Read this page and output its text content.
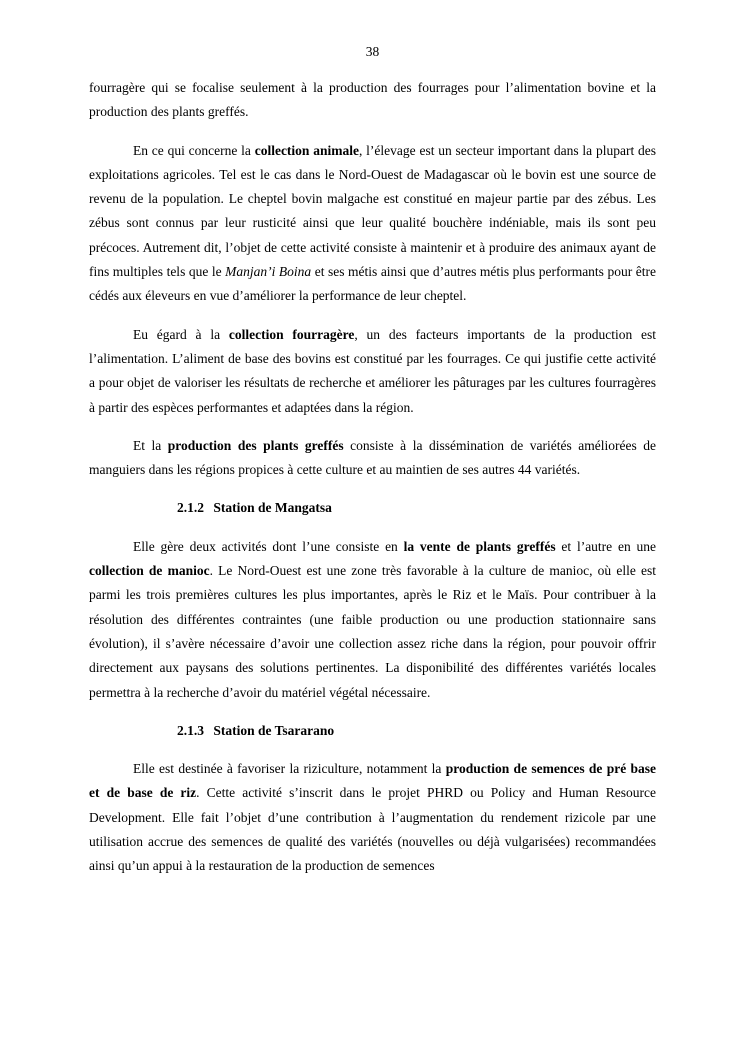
38

fourragère qui se focalise seulement à la production des fourrages pour l’alimentation bovine et la production des plants greffés.

En ce qui concerne la collection animale, l’élevage est un secteur important dans la plupart des exploitations agricoles. Tel est le cas dans le Nord-Ouest de Madagascar où le bovin est une source de revenu de la population. Le cheptel bovin malgache est constitué en majeur partie par des zébus. Les zébus sont connus par leur rusticité ainsi que leur qualité bouchère indéniable, mais ils sont peu précoces. Autrement dit, l’objet de cette activité consiste à maintenir et à produire des animaux ayant de fins multiples tels que le Manjan’i Boina et ses métis ainsi que d’autres métis plus performants pour être cédés aux éleveurs en vue d’améliorer la performance de leur cheptel.

Eu égard à la collection fourragère, un des facteurs importants de la production est l’alimentation. L’aliment de base des bovins est constitué par les fourrages. Ce qui justifie cette activité a pour objet de valoriser les résultats de recherche et améliorer les pâturages par les cultures fourragères à partir des espèces performantes et adaptées dans la région.

Et la production des plants greffés consiste à la dissémination de variétés améliorées de manguiers dans les régions propices à cette culture et au maintien de ses autres 44 variétés.

2.1.2 Station de Mangatsa

Elle gère deux activités dont l’une consiste en la vente de plants greffés et l’autre en une collection de manioc. Le Nord-Ouest est une zone très favorable à la culture de manioc, où elle est parmi les trois premières cultures les plus importantes, après le Riz et le Maïs. Pour contribuer à la résolution des différentes contraintes (une faible production ou une production stationnaire sans évolution), il s’avère nécessaire d’avoir une collection assez riche dans la région, pour pouvoir offrir directement aux paysans des solutions pertinentes. La disponibilité des différentes variétés locales permettra à la recherche d’avoir du matériel végétal nécessaire.

2.1.3 Station de Tsararano

Elle est destinée à favoriser la riziculture, notamment la production de semences de pré base et de base de riz. Cette activité s’inscrit dans le projet PHRD ou Policy and Human Resource Development. Elle fait l’objet d’une contribution à l’augmentation du rendement rizicole par une utilisation accrue des semences de qualité des variétés (nouvelles ou déjà vulgarisées) recommandées ainsi qu’un appui à la restauration de la production de semences
